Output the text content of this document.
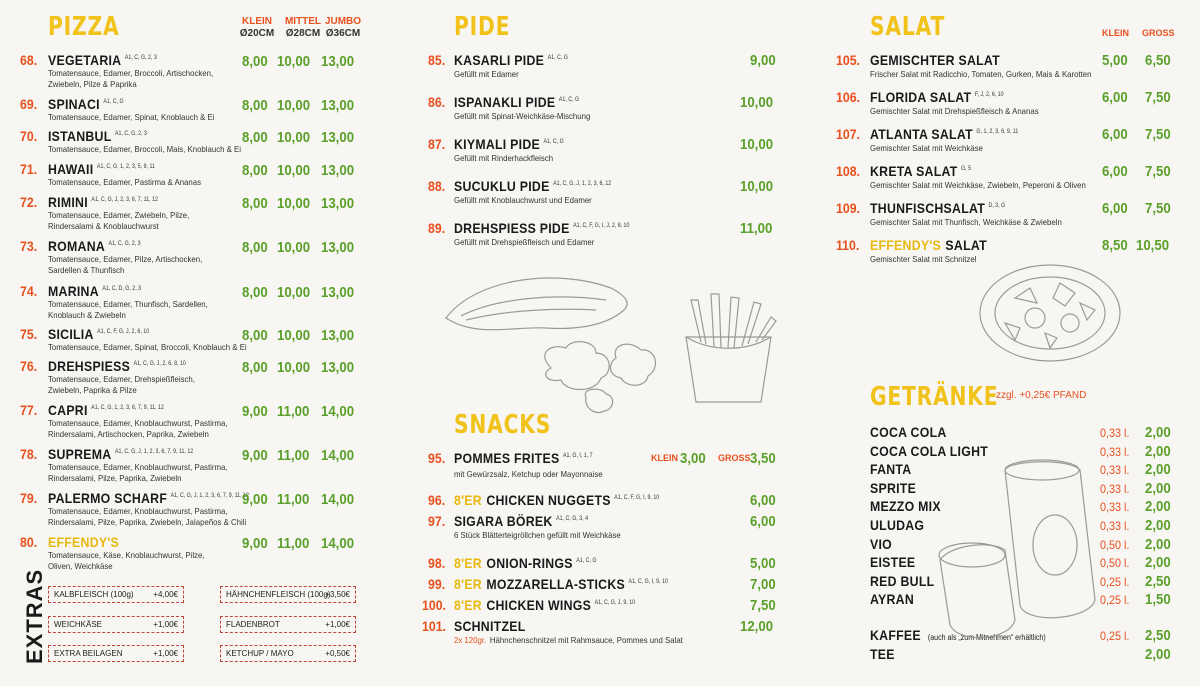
PIZZA	KLEIN
Ø20CM
MITTEL
Ø28CM
JUMBO
Ø36CM
68. VEGETARIA $^{A1, C, G, 2, 3}$
Tomatensauce, Edamer, Broccoli, Artischocken,
Zwiebeln, Pilze & Paprika
8,00 10,00 13,00
69. SPINACI $^{A1, C, G}$
Tomatensauce, Edamer, Spinat, Knoblauch & Ei
8,00 10,00 13,00
70. ISTANBUL $^{A1, C, G, 2, 3}$
Tomatensauce, Edamer, Broccoli, Mais, Knoblauch & Ei
8,00 10,00 13,00
71. HAWAII $^{A1, C, G, 1, 2, 3, 5, 9, 11}$
Tomatensauce, Edamer, Pastirma & Ananas
8,00 10,00 13,00
72. RIMINI $^{A1, C, G, J, 2, 3, 6, 7, 11, 12}$
Tomatensauce, Edamer, Zwiebeln, Pilze,
Rindersalami & Knoblauchwurst
8,00 10,00 13,00
73. ROMANA $^{A1, C, G, 2, 3}$
Tomatensauce, Edamer, Pilze, Artischocken,
Sardellen & Thunfisch
8,00 10,00 13,00
74. MARINA $^{A1, C, D, G, 2, 3}$
Tomatensauce, Edamer, Thunfisch, Sardellen,
Knoblauch & Zwiebeln
8,00 10,00 13,00
75. SICILIA $^{A1, C, F, G, J, 2, 6, 10}$
Tomatensauce, Edamer, Spinat, Broccoli, Knoblauch & Ei
8,00 10,00 13,00
76. DREHSPIESS $^{A1, C, G, J, 2, 6, 8, 10}$
Tomatensauce, Edamer, Drehspießfleisch,
Zwiebeln, Paprika & Pilze
8,00 10,00 13,00
77. CAPRI $^{A1, C, G, 1, 2, 3, 6, 7, 9, 11, 12}$
Tomatensauce, Edamer, Knoblauchwurst, Pastirma,
Rindersalami, Artischocken, Paprika, Zwiebeln
9,00 11,00 14,00
78. SUPREMA $^{A1, C, G, J, 1, 2, 3, 6, 7, 9, 11, 12}$
Tomatensauce, Edamer, Knoblauchwurst, Pastirma,
Rindersalami, Pilze, Paprika, Zwiebeln
9,00 11,00 14,00
79. PALERMO SCHARF $^{A1, C, G, J, 1, 2, 3, 6, 7, 9, 11, 12}$
Tomatensauce, Edamer, Knoblauchwurst, Pastirma,
Rindersalami, Pilze, Paprika, Zwiebeln, Jalapeños & Chili
9,00 11,00 14,00
80. EFFENDY'S
Tomatensauce, Käse, Knoblauchwurst, Pilze,
Oliven, Weichkäse
9,00 11,00 14,00
EXTRAS KALBFLEISCH (100g) +4,00€
WEICHKÄSE	+1,00€
EXTRA BEILAGEN	+1,00€
HÄHNCHENFLEISCH (100g)
+3,50€
FLADENBROT	+1,00€
KETCHUP / MAYO	+0,50€
PIDE
85. KASARLI PIDE $^{A1, C, G}$
Gefüllt mit Edamer
9,00
86. ISPANAKLI PIDE $^{A1, C, G}$
Gefüllt mit Spinat-Weichkäse-Mischung
10,00
87. KIYMALI PIDE $^{A1, C, G}$
Gefüllt mit Rinderhackfleisch
10,00
88. SUCUKLU PIDE $^{A1, C, G, J, 1, 2, 3, 6, 12}$
Gefüllt mit Knoblauchwurst und Edamer
10,00
89. DREHSPIESS PIDE $^{A1, C, F, G, I, J, 2, 8, 10}$
Gefüllt mit Drehspießfleisch und Edamer
11,00
SNACKS
95. POMMES FRITES $^{A1, G, I, 1, 7}$
mit Gewürzsalz, Ketchup oder Mayonnaise
KLEIN 3,00 GROSS 3,50
96. 8'ER CHICKEN NUGGETS $^{A1, C, F, G, I, 9, 10}$	6,00
97. SIGARA BÖREK $^{A1, C, G, 3, 4}$
6 Stück Blätterteigröllchen gefüllt mit Weichkäse
6,00
98. 8'ER ONION-RINGS $^{A1, C, G}$	5,00
99. 8'ER MOZZARELLA-STICKS $^{A1, C, G, I, 9, 10}$	7,00
100. 8'ER CHICKEN WINGS $^{A1, C, G, J, 9, 10}$	7,50
101. SCHNITZEL
2x 120gr. Hähnchenschnitzel mit Rahmsauce, Pommes und Salat
12,00
SALAT	KLEIN GROSS
105. GEMISCHTER SALAT
Frischer Salat mit Radicchio, Tomaten, Gurken, Mais & Karotten
5,00 6,50
106. FLORIDA SALAT $^{F, J, 2, 6, 10}$
Gemischter Salat mit Drehspießfleisch & Ananas
6,00 7,50
107. ATLANTA SALAT $^{G, 1, 2, 3, 6, 9, 11}$
Gemischter Salat mit Weichkäse
6,00 7,50
108. KRETA SALAT $^{G, 5}$
Gemischter Salat mit Weichkäse, Zwiebeln, Peperoni & Oliven
6,00 7,50
109. THUNFISCHSALAT $^{D, 3, G}$
Gemischter Salat mit Thunfisch, Weichkäse & Zwiebeln
6,00 7,50
110. EFFENDY'S SALAT
Gemischter Salat mit Schnitzel
8,50 10,50
GETRÄNKE
zzgl. +0,25€ PFAND
COCA COLA	0,33 l. 2,00
COCA COLA LIGHT	0,33 l. 2,00
FANTA	0,33 l. 2,00
SPRITE	0,33 l. 2,00
MEZZO MIX	0,33 l. 2,00
ULUDAG	0,33 l. 2,00
VIO	0,50 l. 2,00
EISTEE	0,50 l. 2,00
RED BULL	0,25 l. 2,50
AYRAN	0,25 l. 1,50
KAFFEE (auch als „zum Mitnehmen“ erhältlich)	0,25 l. 2,50
TEE	2,00
